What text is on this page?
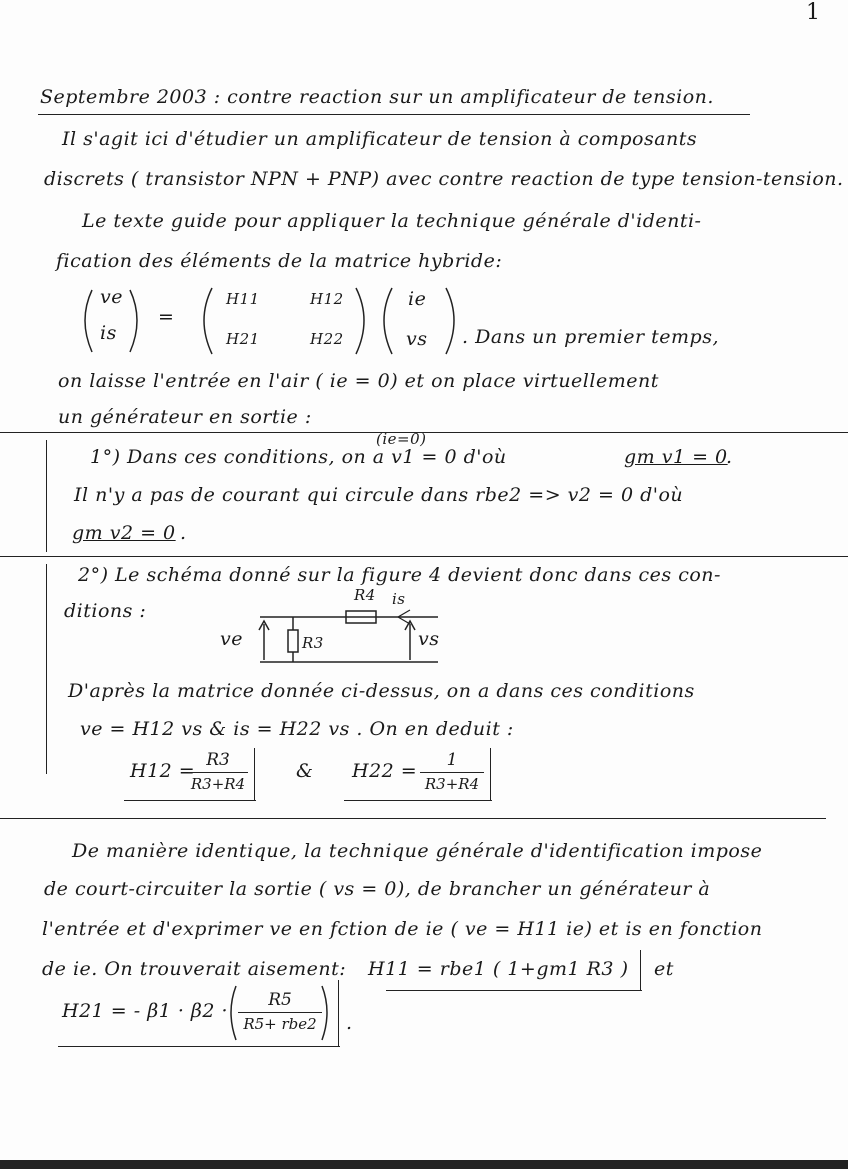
1
Septembre 2003 : contre reaction sur un amplificateur de tension.
Il s'agit ici d'étudier un amplificateur de tension à composants
discrets ( transistor NPN + PNP) avec contre reaction de type tension-tension.
Le texte guide pour appliquer la technique générale d'identi-
fication des éléments de la matrice hybride:
ve
is
=
H11	H12
H21	H22
ie
vs . Dans un premier temps,
on laisse l'entrée en l'air ( ie = 0) et on place virtuellement
un générateur en sortie :
(ie=0)
1°) Dans ces conditions, on a v1 = 0 d'où	gm v1 = 0
.
Il n'y a pas de courant qui circule dans rbe2 => v2 = 0 d'où
gm v2 = 0 .
2°) Le schéma donné sur la figure 4 devient donc dans ces con-
ditions :
ve	R3
R4 is
vs
D'après la matrice donnée ci-dessus, on a dans ces conditions
ve = H12 vs & is = H22 vs . On en deduit :
H12 = R3
R3+R4
& H22 =	1
R3+R4
De manière identique, la technique générale d'identification impose
de court-circuiter la sortie ( vs = 0), de brancher un générateur à
l'entrée et d'exprimer ve en fction de ie ( ve = H11 ie) et is en fonction
de ie. On trouverait aisement: H11 = rbe1 ( 1+gm1 R3 ) et
H21 = - β1 · β2 ·	R5
R5+ rbe2 .
